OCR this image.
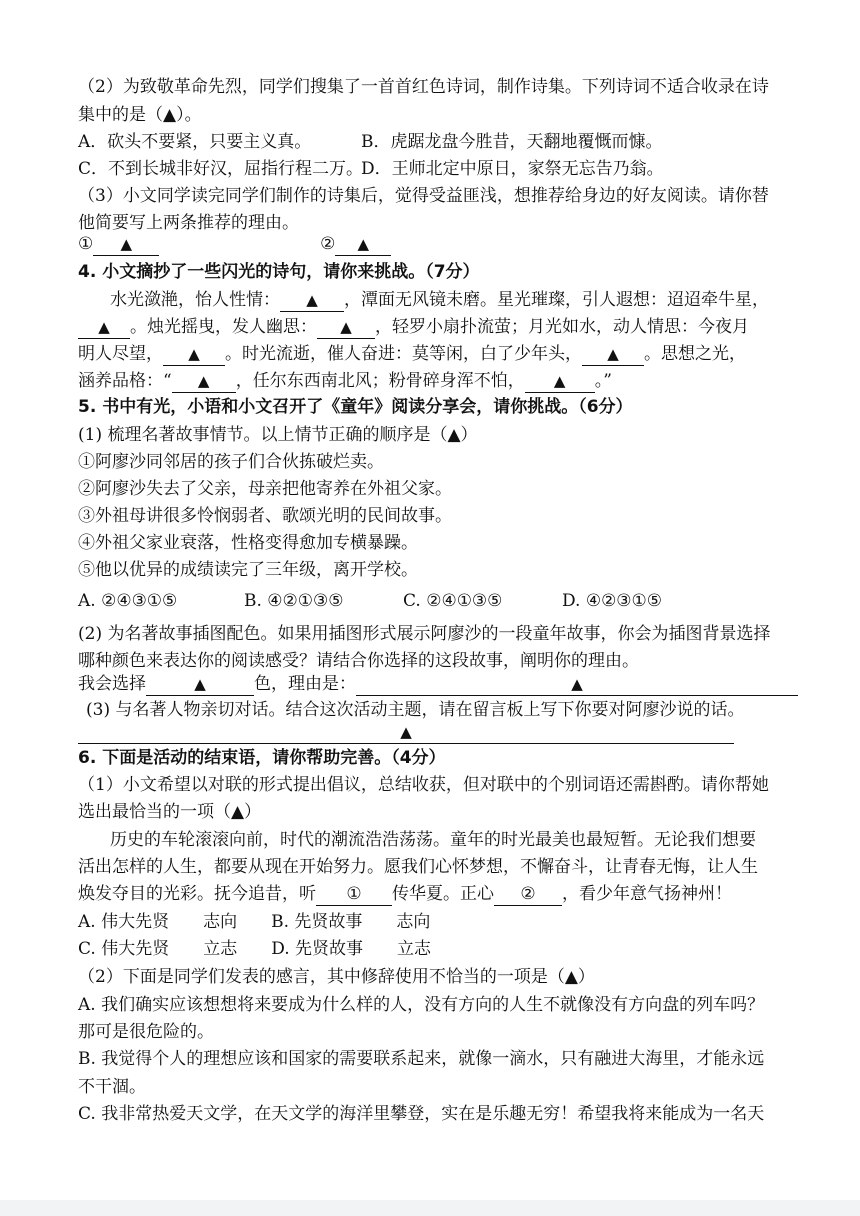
（2）为致敬革命先烈，同学们搜集了一首首红色诗词，制作诗集。下列诗词不适合收录在诗
集中的是（▲）。
A．砍头不要紧，只要主义真。	B．虎踞龙盘今胜昔，天翻地覆慨而慷。
C．不到长城非好汉，屈指行程二万。
D．王师北定中原日，家祭无忘告乃翁。
（3）小文同学读完同学们制作的诗集后，觉得受益匪浅，想推荐给身边的好友阅读。请你替
他简要写上两条推荐的理由。
① ▲	② ▲
4. 小文摘抄了一些闪光的诗句，请你来挑战。（7分）
水光潋滟，怡人性情： ▲ ，潭面无风镜未磨。星光璀璨，引人遐想：迢迢牵牛星，
▲ 。烛光摇曳，发人幽思： ▲ ，轻罗小扇扑流萤；月光如水，动人情思：今夜月
明人尽望， ▲ 。时光流逝，催人奋进：莫等闲，白了少年头， ▲ 。思想之光，
涵养品格：“ ▲ ，任尔东西南北风；粉骨碎身浑不怕， ▲ 。”
5. 书中有光，小语和小文召开了《童年》阅读分享会，请你挑战。（6分）
(1) 梳理名著故事情节。以上情节正确的顺序是（▲）
①阿廖沙同邻居的孩子们合伙拣破烂卖。
②阿廖沙失去了父亲，母亲把他寄养在外祖父家。
③外祖母讲很多怜悯弱者、歌颂光明的民间故事。
④外祖父家业衰落，性格变得愈加专横暴躁。
⑤他以优异的成绩读完了三年级，离开学校。
A. ②④③①⑤	B. ④②①③⑤	C. ②④①③⑤	D. ④②③①⑤
(2) 为名著故事插图配色。如果用插图形式展示阿廖沙的一段童年故事，你会为插图背景选择
哪种颜色来表达你的阅读感受？请结合你选择的这段故事，阐明你的理由。
我会选择	▲	色，理由是：	▲
(3) 与名著人物亲切对话。结合这次活动主题，请在留言板上写下你要对阿廖沙说的话。
▲
6. 下面是活动的结束语，请你帮助完善。（4分）
（1）小文希望以对联的形式提出倡议，总结收获，但对联中的个别词语还需斟酌。请你帮她
选出最恰当的一项（▲）
历史的车轮滚滚向前，时代的潮流浩浩荡荡。童年的时光最美也最短暂。无论我们想要
活出怎样的人生，都要从现在开始努力。愿我们心怀梦想，不懈奋斗，让青春无悔，让人生
焕发夺目的光彩。抚今追昔，听 ① 传华夏。正心 ② ，看少年意气扬神州！
A. 伟大先贤　　志向　　B. 先贤故事　　志向
C. 伟大先贤　　立志　　D. 先贤故事　　立志
（2）下面是同学们发表的感言，其中修辞使用不恰当的一项是（▲）
A. 我们确实应该想想将来要成为什么样的人，没有方向的人生不就像没有方向盘的列车吗？
那可是很危险的。
B. 我觉得个人的理想应该和国家的需要联系起来，就像一滴水，只有融进大海里，才能永远
不干涸。
C. 我非常热爱天文学，在天文学的海洋里攀登，实在是乐趣无穷！希望我将来能成为一名天
